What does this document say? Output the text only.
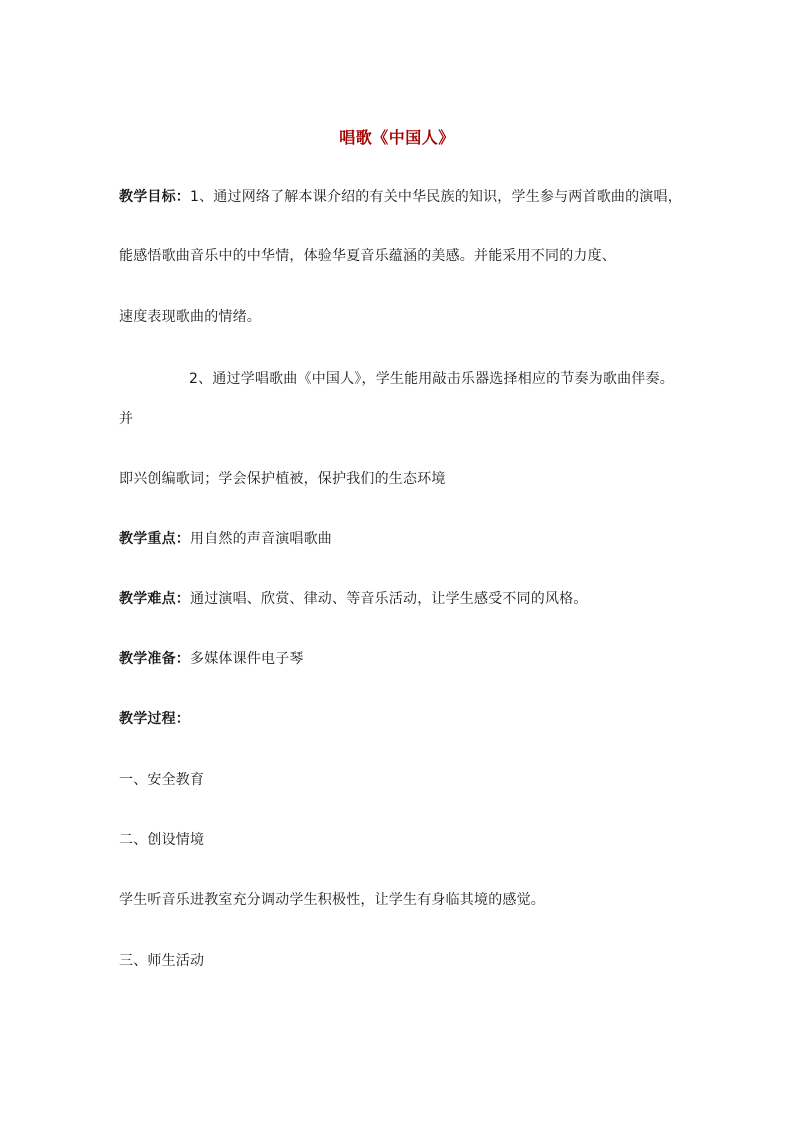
唱歌《中国人》
教学目标：1、通过网络了解本课介绍的有关中华民族的知识，学生参与两首歌曲的演唱，
能感悟歌曲音乐中的中华情，体验华夏音乐蕴涵的美感。并能采用不同的力度、
速度表现歌曲的情绪。
2、通过学唱歌曲《中国人》，学生能用敲击乐器选择相应的节奏为歌曲伴奏。
并
即兴创编歌词；学会保护植被，保护我们的生态环境
教学重点：用自然的声音演唱歌曲
教学难点：通过演唱、欣赏、律动、等音乐活动，让学生感受不同的风格。
教学准备：多媒体课件电子琴
教学过程：
一、安全教育
二、创设情境
学生听音乐进教室充分调动学生积极性，让学生有身临其境的感觉。
三、师生活动
